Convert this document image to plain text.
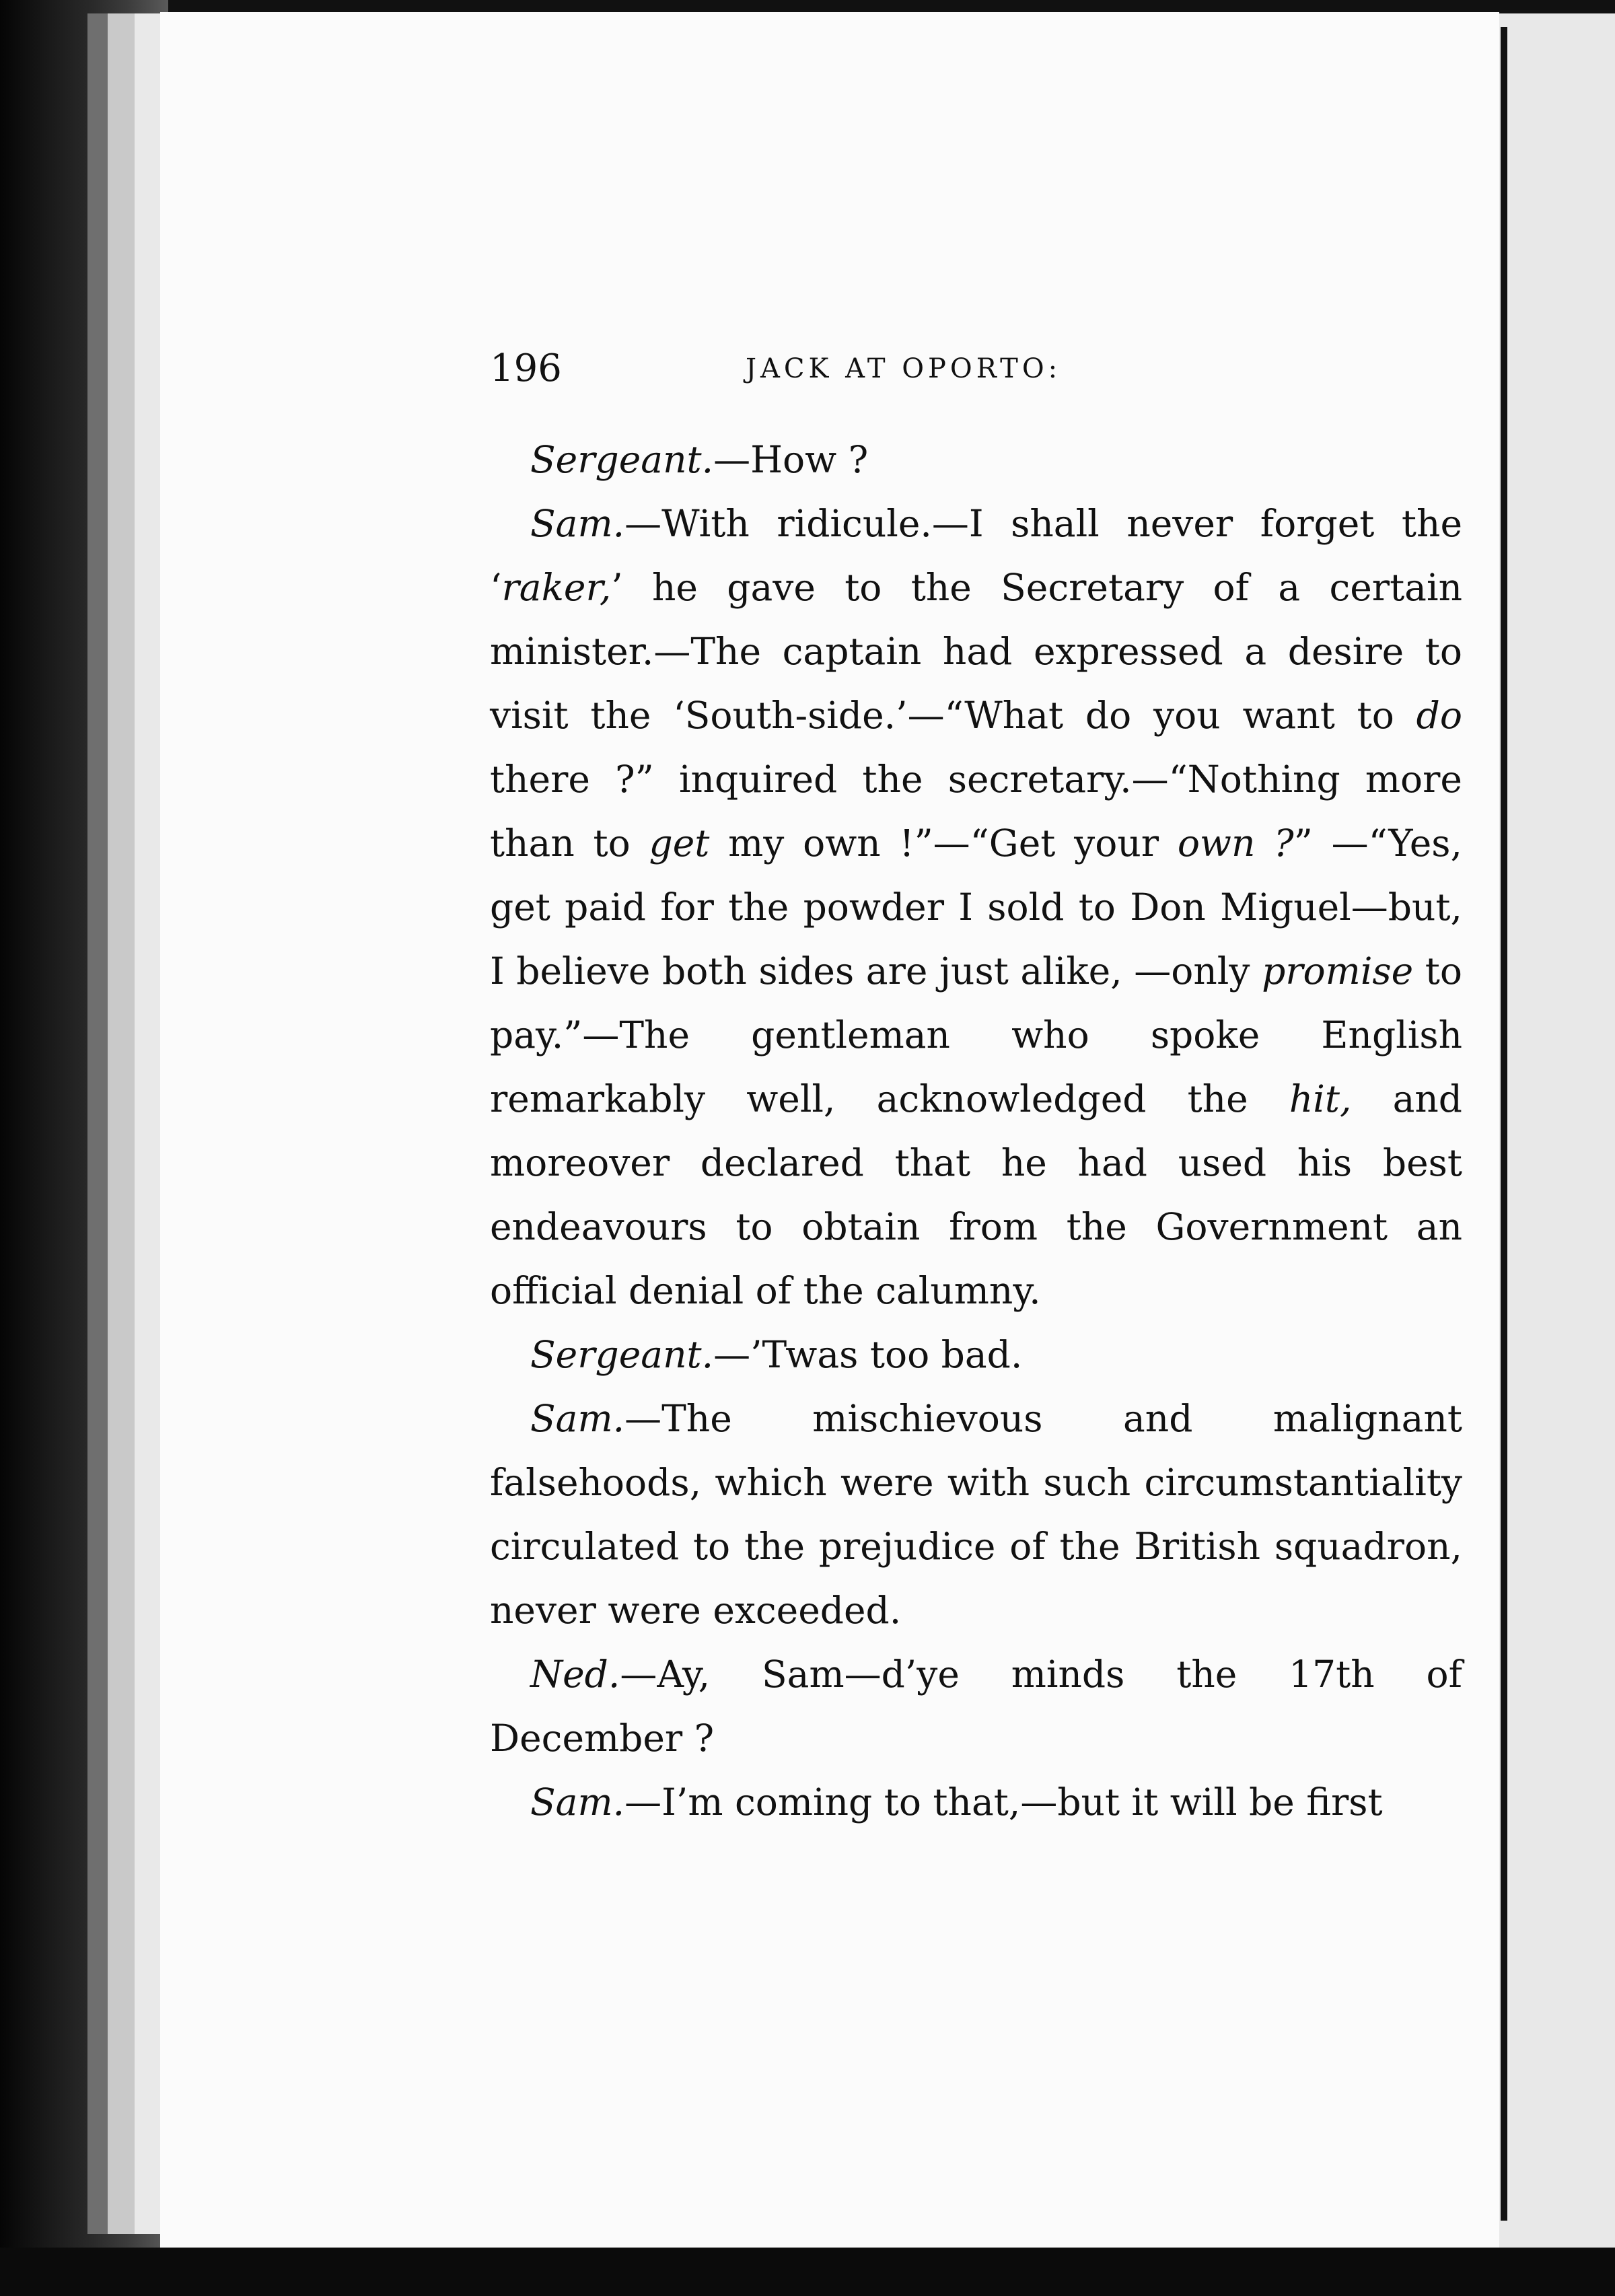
196	JACK AT OPORTO:

Sergeant.—How ?

Sam.—With ridicule.—I shall never forget the ‘raker,’ he gave to the Secretary of a certain minister.—The captain had expressed a desire to visit the ‘South-side.’—“What do you want to do there ?” inquired the secretary.—“Nothing more than to get my own !”—“Get your own ?” —“Yes, get paid for the powder I sold to Don Miguel—but, I believe both sides are just alike, —only promise to pay.”—The gentleman who spoke English remarkably well, acknowledged the hit, and moreover declared that he had used his best endeavours to obtain from the Government an official denial of the calumny.

Sergeant.—’Twas too bad.

Sam.—The mischievous and malignant falsehoods, which were with such circumstantiality circulated to the prejudice of the British squadron, never were exceeded.

Ned.—Ay, Sam—d’ye minds the 17th of December ?

Sam.—I’m coming to that,—but it will be first
